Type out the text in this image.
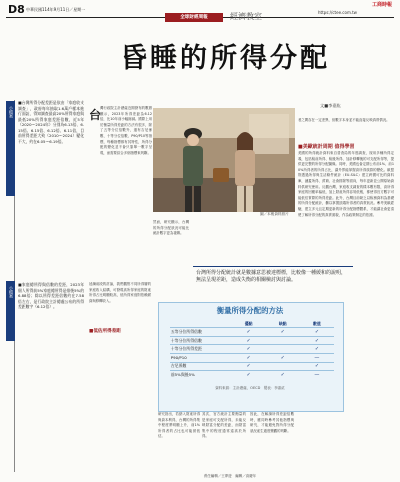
D8 中華民國114年9月11日／星期一
全球財經周報	經濟教室	https://ctee.com.tw
工商時報
昏睡的所得分配
文■李嘉紘
小檔案
■台灣所得分配差距是依由「家庭收支調查」，政府每年抽取1.6萬戶樣本進行面訪，得知調查最高20%所得家庭與最低20%所得家庭差距倍數，近5年（2020～2024年）分別為6.13倍、6.15倍、6.15倍、6.12倍、6.11倍，目前所得差距大致（2010～2024）變化不大，約在6.05～6.19倍。
小檔案
■家庭總所得與倍數的差距，2023年個人所得前5%家庭總所得是排後5%的6.88倍；除以所得差距倍數約在7.58倍左右，是行政院主計總處公布的所得差距數字（6.12倍）。
台
灣行政院主計總處近期發布的數據顯示，2023年所得差距為6.12倍，比10年前小幅縮減。國際上用於衡量所得差距的方法有很多，除了五等分位倍數外，還有吉尼係數、十等分位倍數、P90/P10等指標，每種指標都有其特性，所得分配的變化並不會只靠單一數字呈現，而需要綜合多個指標來判斷。
圖／本報資料照片
然而，研究顯示，台灣的所得分配狀況可能比統計數字更為複雜。
台灣所得分配統計就是數據意思被達標標，比較像一種緩和的說明，無法呈現差距，造成失衡的相關檢討與討論。
延續前段的討論，我們觀察不同所得層的家庭收入結構，可發現高所得家庭的財產所得占比明顯較高，低所得家庭則依賴薪資與移轉收入。
■低估所得差距
衡量所得分配的方法
	優點	缺點	數值
五等分位所得倍數	✓	✓	✓
十等分位所得倍數	✓		✓
十等分位所得差距	✓		✓
P90/P10	✓	✓	—
吉尼係數	✓		✓
前5%與後5%	✓	✓	—
資料來源：主計總處、OECD　製表：李嘉紘
者之間存在一定差異，但數字本身並不能直接反映真實情況。
■美歐統計周期 值得學習
美國的所得統計資料來自普查局的年度調查，採用多種所得定義，包括稅前所得、稅後所得、加計移轉後的可支配所得等，提供更完整的所得分配圖像。同時，美國也會定期公布前1%、前10%所得者的所得占比，讓外界能掌握高所得族群的變化。歐盟則透過所得與生活條件統計（EU-SILC）建立跨國可比的資料庫，涵蓋所得、貧窮、社會排除等面向，每年更新並公開原始資料供研究使用。反觀台灣，家庭收支調查的樣本數有限，高所得家庭的回應率偏低，加上財產所得容易低報，都使得官方數字可能低估實際的所得差距。此外，台灣目前缺乏以稅務資料為基礎的所得分配統計，難以掌握頂端所得者的真實狀況。參考美歐經驗，建立多元且定期更新的所得分配指標體系，才能讓社會更清楚了解所得分配的真實面貌，作為政策制定的依據。
研究指出，若納入財產所得與資本利得，台灣的所得集中程度將明顯上升，前1%所得者的占比也可能被低估。
其次，官方統計主要衡量的是家庭可支配所得，未能反映財富分配的差距，而財富集中的程度通常遠高於所得。
因此，在解讀所得差距倍數時，應同時參考其他指標與研究，才能避免對所得分配狀況產生過度樂觀的判斷。
責任編輯／王夢遊　編輯／高慶年
